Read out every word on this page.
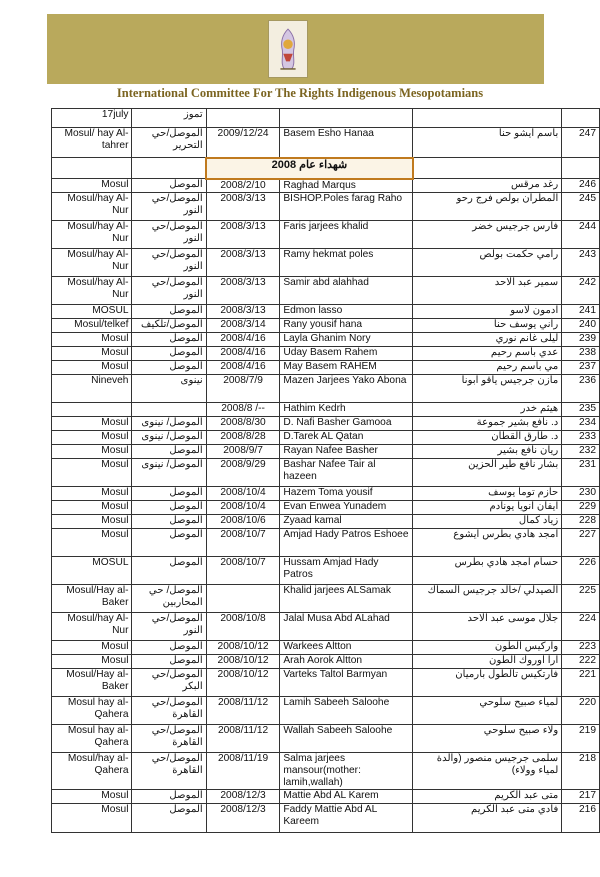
International Committee For The Rights Indigenous Mesopotamians
17july	تموز				
Mosul/ hay Al-tahrer	الموصل/حي التحرير	2009/12/24	Basem Esho Hanaa	باسم ايشو حنا	247
		شهداء عام 2008			
Mosul	الموصل	2008/2/10	Raghad Marqus	رغد مرقس	246
Mosul/hay Al-Nur	الموصل/حي النور	2008/3/13	BISHOP.Poles farag Raho	المطران بولص فرج رحو	245
Mosul/hay Al-Nur	الموصل/حي النور	2008/3/13	Faris jarjees khalid	فارس جرجيس خضر	244
Mosul/hay Al-Nur	الموصل/حي النور	2008/3/13	Ramy hekmat poles	رامي حكمت بولص	243
Mosul/hay Al-Nur	الموصل/حي النور	2008/3/13	Samir abd alahhad	سمير عبد الاحد	242
MOSUL	الموصل	2008/3/13	Edmon lasso	ادمون لاسو	241
Mosul/telkef	الموصل/تلكيف	2008/3/14	Rany yousif hana	راني يوسف حنا	240
Mosul	الموصل	2008/4/16	Layla Ghanim Nory	ليلى غانم نوري	239
Mosul	الموصل	2008/4/16	Uday Basem Rahem	عدي باسم رحيم	238
Mosul	الموصل	2008/4/16	May Basem RAHEM	مي باسم رحيم	237
Nineveh	نينوى	2008/7/9	Mazen Jarjees Yako Abona	مازن جرجيس ياقو ابونا	236
		2008/8 /--	Hathim Kedrh	هيثم خدر	235
Mosul	الموصل/ نينوى	2008/8/30	D. Nafi Basher Gamooa	د. نافع بشير جموعة	234
Mosul	الموصل/ نينوى	2008/8/28	D.Tarek AL Qatan	د. طارق القطان	233
Mosul	الموصل	2008/9/7	Rayan Nafee Basher	ريان نافع بشير	232
Mosul	الموصل/ نينوى	2008/9/29	Bashar Nafee Tair al hazeen	بشار نافع طير الحزين	231
Mosul	الموصل	2008/10/4	Hazem Toma yousif	حازم توما يوسف	230
Mosul	الموصل	2008/10/4	Evan Enwea Yunadem	ايفان انويا يونادم	229
Mosul	الموصل	2008/10/6	Zyaad kamal	زياد كمال	228
Mosul	الموصل	2008/10/7	Amjad Hady Patros Eshoee	امجد هادي بطرس ايشوع	227
MOSUL	الموصل	2008/10/7	Hussam Amjad Hady Patros	حسام امجد هادي بطرس	226
Mosul/Hay al-Baker	الموصل/ حي المحاربين		Khalid jarjees ALSamak	الصيدلي /خالد جرجيس السماك	225
Mosul/hay Al-Nur	الموصل/حي النور	2008/10/8	Jalal Musa Abd ALahad	جلال موسى عبد الاحد	224
Mosul	الموصل	2008/10/12	Warkees Altton	واركيس الطون	223
Mosul	الموصل	2008/10/12	Arah Aorok Altton	ارا اوروك الطون	222
Mosul/Hay al-Baker	الموصل/حي البكر	2008/10/12	Varteks Taltol Barmyan	فارتكيس تالطول بارميان	221
Mosul hay al-Qahera	الموصل/حي القاهرة	2008/11/12	Lamih Sabeeh Saloohe	لمياء صبيح سلوحي	220
Mosul hay al-Qahera	الموصل/حي القاهرة	2008/11/12	Wallah Sabeeh Saloohe	ولاء صبيح سلوحي	219
Mosul/hay al-Qahera	الموصل/حي القاهرة	2008/11/19	Salma jarjees mansour(mother: lamih,wallah)	سلمى جرجيس منصور (والدة لمياء وولاء)	218
Mosul	الموصل	2008/12/3	Mattie Abd AL Karem	متى عبد الكريم	217
Mosul	الموصل	2008/12/3	Faddy Mattie Abd AL Kareem	فادي متى عبد الكريم	216
